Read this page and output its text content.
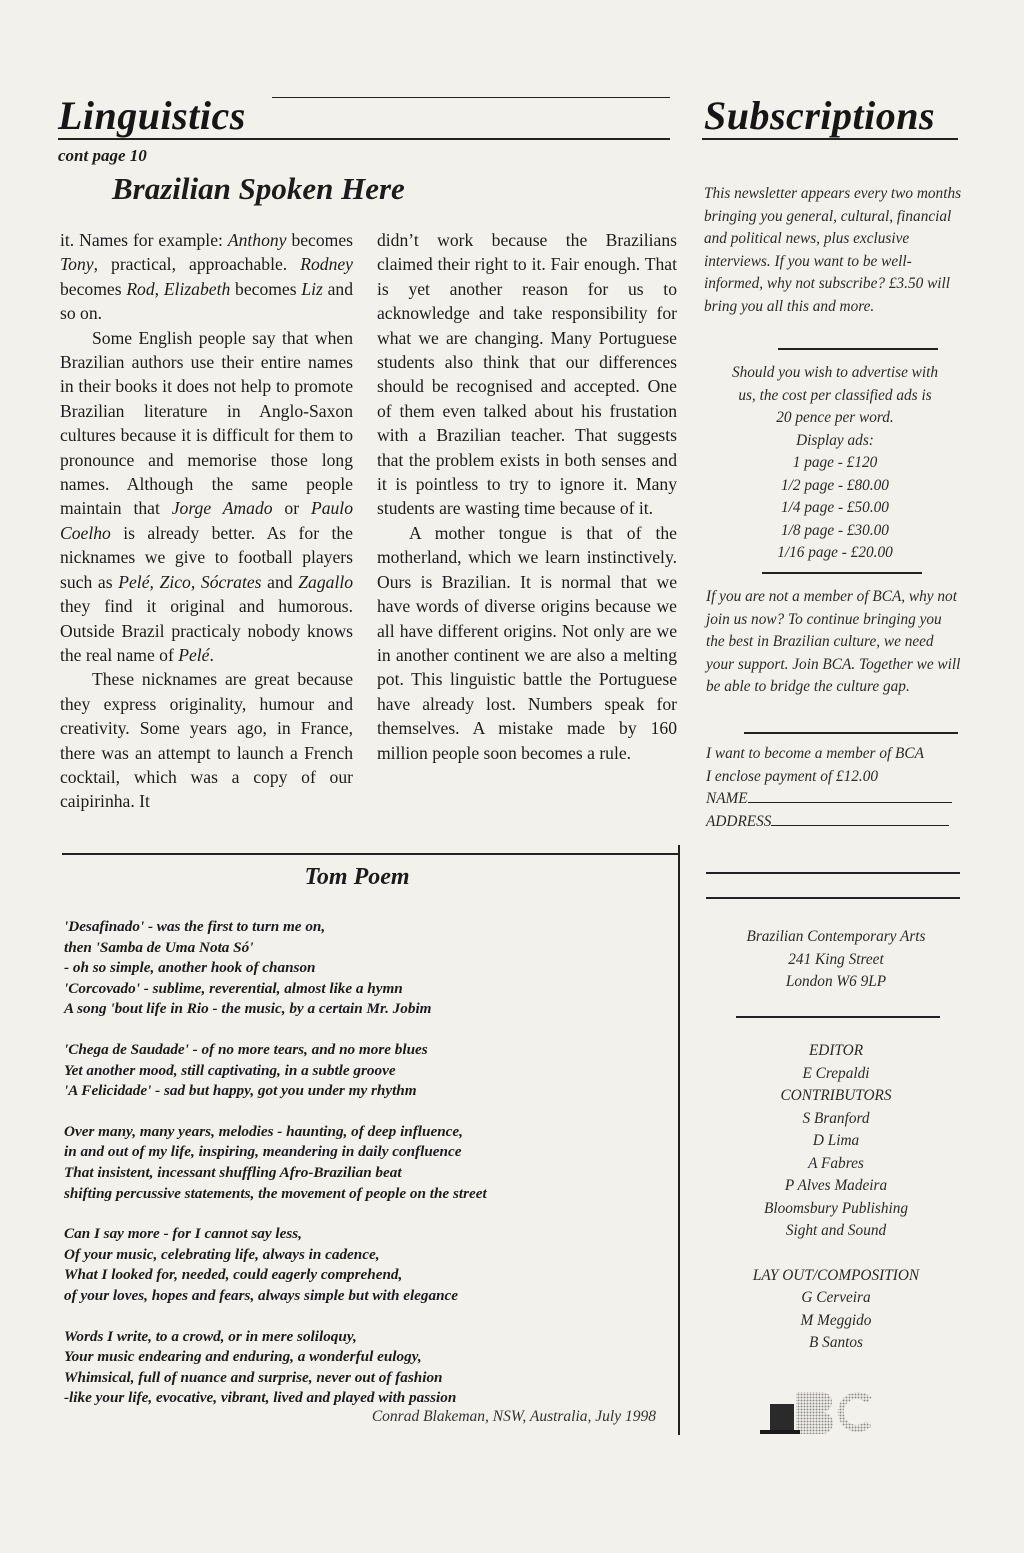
Linguistics
cont page 10
Brazilian Spoken Here

it. Names for example: Anthony becomes Tony, practical, approachable. Rodney becomes Rod, Elizabeth becomes Liz and so on.

Some English people say that when Brazilian authors use their entire names in their books it does not help to promote Brazilian literature in Anglo-Saxon cultures because it is difficult for them to pronounce and memorise those long names. Although the same people maintain that Jorge Amado or Paulo Coelho is already better. As for the nicknames we give to football players such as Pelé, Zico, Sócrates and Zagallo they find it original and humorous. Outside Brazil practicaly nobody knows the real name of Pelé.

These nicknames are great because they express originality, humour and creativity. Some years ago, in France, there was an attempt to launch a French cocktail, which was a copy of our caipirinha. It

didn’t work because the Brazilians claimed their right to it. Fair enough. That is yet another reason for us to acknowledge and take responsibility for what we are changing. Many Portuguese students also think that our differences should be recognised and accepted. One of them even talked about his frustation with a Brazilian teacher. That suggests that the problem exists in both senses and it is pointless to try to ignore it. Many students are wasting time because of it.

A mother tongue is that of the motherland, which we learn instinctively. Ours is Brazilian. It is normal that we have words of diverse origins because we all have different origins. Not only are we in another continent we are also a melting pot. This linguistic battle the Portuguese have already lost. Numbers speak for themselves. A mistake made by 160 million people soon becomes a rule.

Tom Poem
'Desafinado' - was the first to turn me on,
then 'Samba de Uma Nota Só'
- oh so simple, another hook of chanson
'Corcovado' - sublime, reverential, almost like a hymn
A song 'bout life in Rio - the music, by a certain Mr. Jobim
'Chega de Saudade' - of no more tears, and no more blues
Yet another mood, still captivating, in a subtle groove
'A Felicidade' - sad but happy, got you under my rhythm
Over many, many years, melodies - haunting, of deep influence,
in and out of my life, inspiring, meandering in daily confluence
That insistent, incessant shuffling Afro-Brazilian beat
shifting percussive statements, the movement of people on the street
Can I say more - for I cannot say less,
Of your music, celebrating life, always in cadence,
What I looked for, needed, could eagerly comprehend,
of your loves, hopes and fears, always simple but with elegance
Words I write, to a crowd, or in mere soliloquy,
Your music endearing and enduring, a wonderful eulogy,
Whimsical, full of nuance and surprise, never out of fashion
-like your life, evocative, vibrant, lived and played with passion
Conrad Blakeman, NSW, Australia, July 1998
Subscriptions
This newsletter appears every two months bringing you general, cultural, financial and political news, plus exclusive interviews. If you want to be well-informed, why not subscribe? £3.50 will bring you all this and more.
Should you wish to advertise with
us, the cost per classified ads is
20 pence per word.
Display ads:
1 page - £120
1/2 page - £80.00
1/4 page - £50.00
1/8 page - £30.00
1/16 page - £20.00
If you are not a member of BCA, why not join us now? To continue bringing you the best in Brazilian culture, we need your support. Join BCA. Together we will be able to bridge the culture gap.
I want to become a member of BCA
I enclose payment of £12.00
NAME
ADDRESS
Brazilian Contemporary Arts
241 King Street
London W6 9LP
EDITOR
E Crepaldi
CONTRIBUTORS
S Branford
D Lima
A Fabres
P Alves Madeira
Bloomsbury Publishing
Sight and Sound
LAY OUT/COMPOSITION
G Cerveira
M Meggido
B Santos
